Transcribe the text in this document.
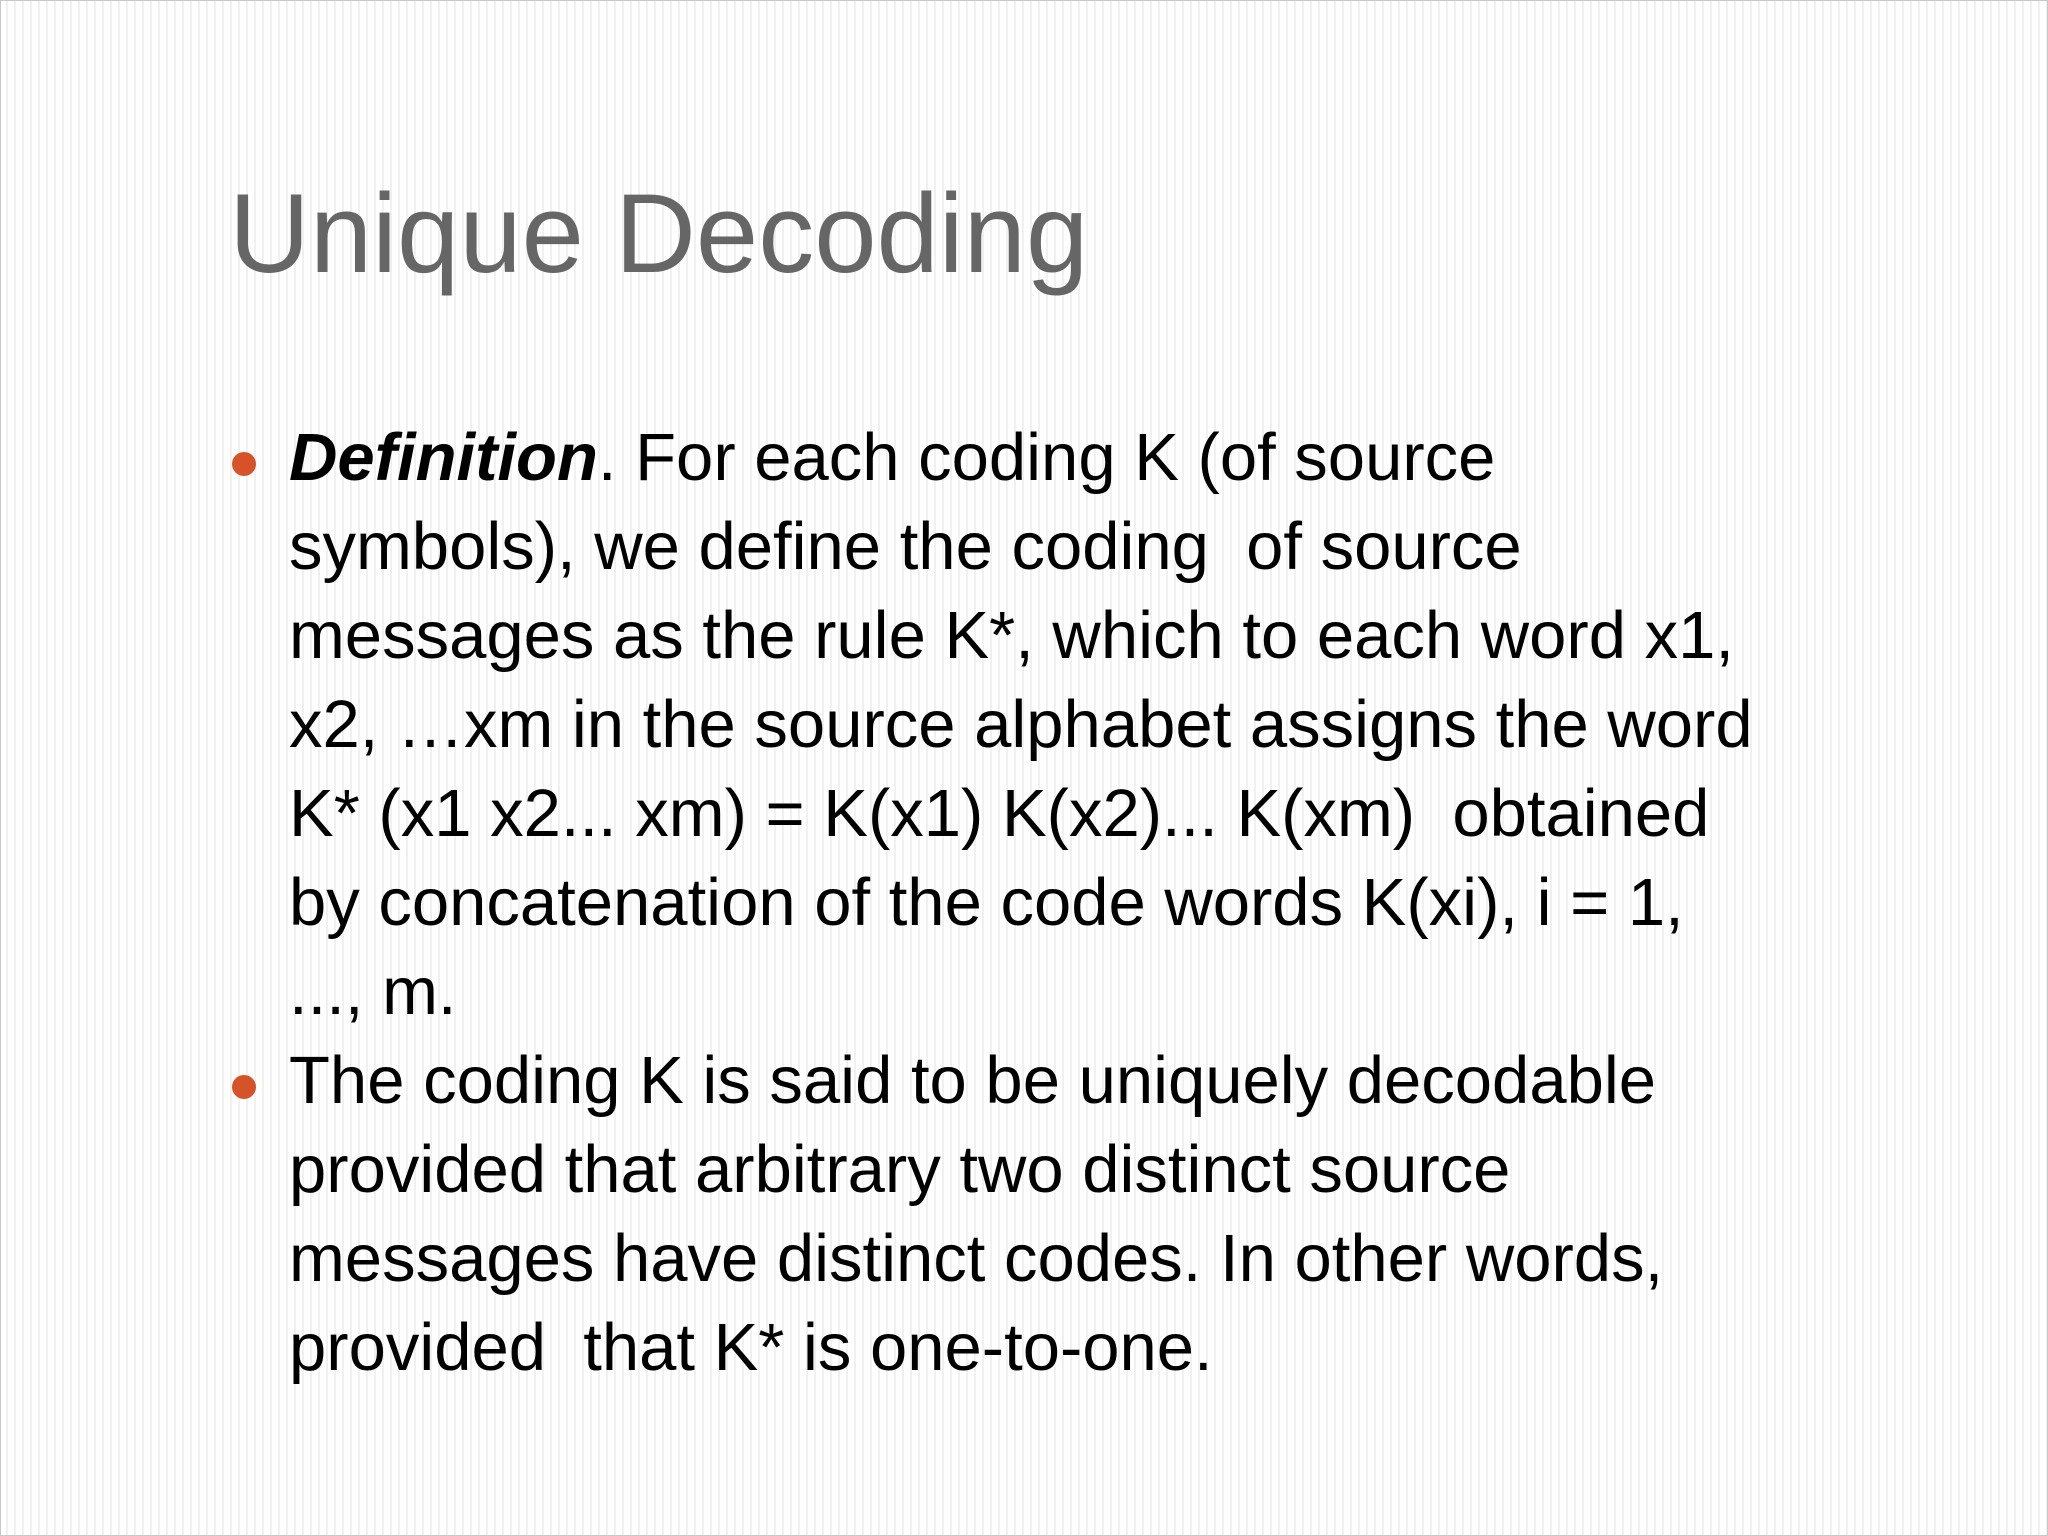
Unique Decoding
Definition. For each coding K (of source
symbols), we define the coding  of source
messages as the rule K*, which to each word x1,
x2, …xm in the source alphabet assigns the word
K* (x1 x2... xm) = K(x1) K(x2)... K(xm)  obtained
by concatenation of the code words K(xi), i = 1,
..., m.
The coding K is said to be uniquely decodable
provided that arbitrary two distinct source
messages have distinct codes. In other words,
provided  that K* is one-to-one.
